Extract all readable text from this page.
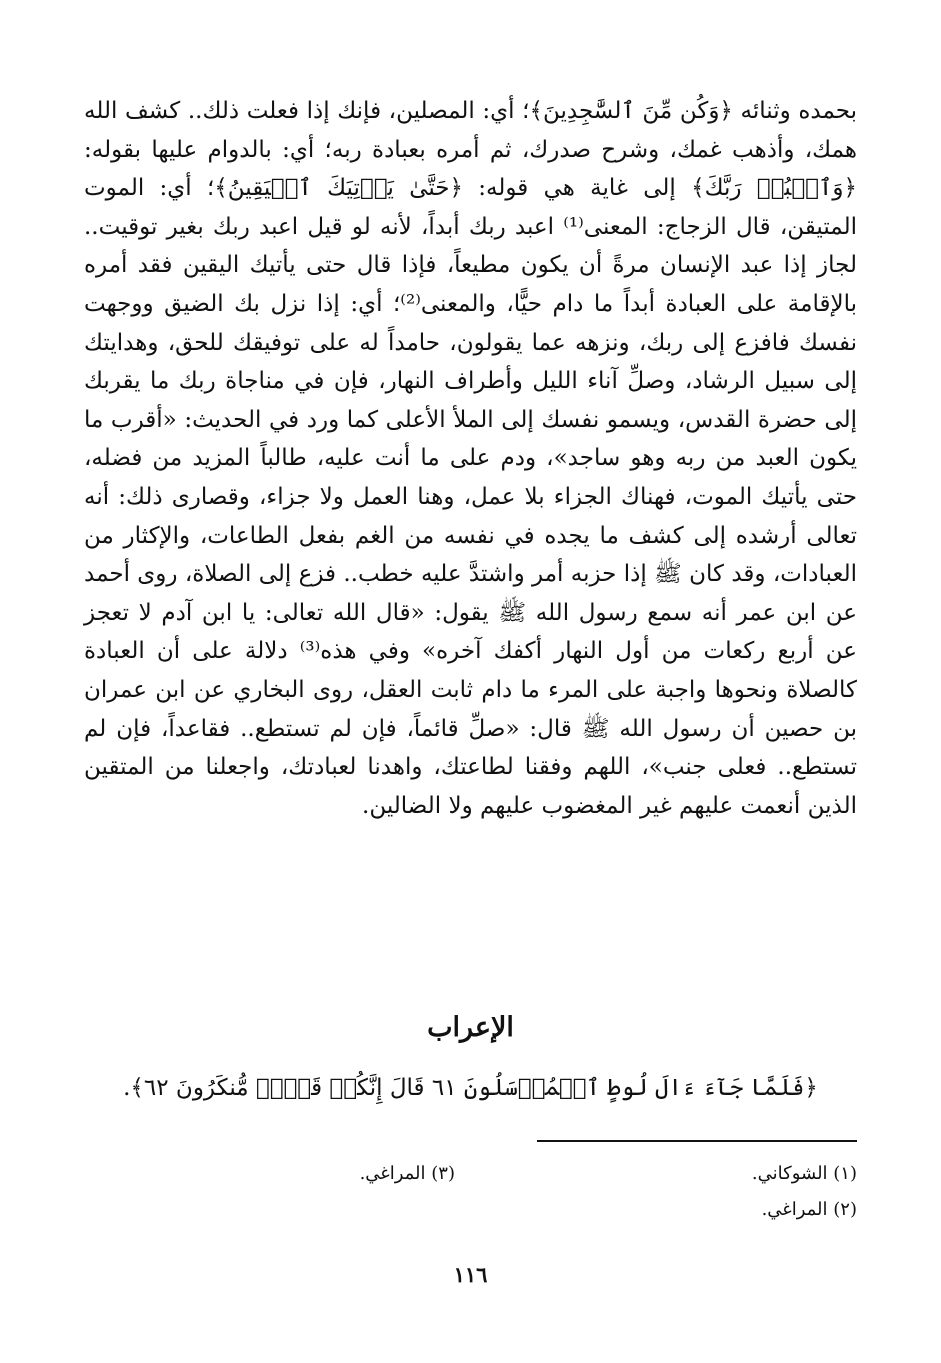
بحمده وثنائه ﴿وَكُن مِّنَ ٱلسَّٰجِدِينَ﴾؛ أي: المصلين، فإنك إذا فعلت ذلك.. كشف الله همك، وأذهب غمك، وشرح صدرك، ثم أمره بعبادة ربه؛ أي: بالدوام عليها بقوله: ﴿وَٱعۡبُدۡ رَبَّكَ﴾ إلى غاية هي قوله: ﴿حَتَّىٰ يَأۡتِيَكَ ٱلۡيَقِينُ﴾؛ أي: الموت المتيقن، قال الزجاج: المعنى⁽¹⁾ اعبد ربك أبداً، لأنه لو قيل اعبد ربك بغير توقيت.. لجاز إذا عبد الإنسان مرةً أن يكون مطيعاً، فإذا قال حتى يأتيك اليقين فقد أمره بالإقامة على العبادة أبداً ما دام حيًّا، والمعنى⁽²⁾؛ أي: إذا نزل بك الضيق ووجهت نفسك فافزع إلى ربك، ونزهه عما يقولون، حامداً له على توفيقك للحق، وهدايتك إلى سبيل الرشاد، وصلِّ آناء الليل وأطراف النهار، فإن في مناجاة ربك ما يقربك إلى حضرة القدس، ويسمو نفسك إلى الملأ الأعلى كما ورد في الحديث: «أقرب ما يكون العبد من ربه وهو ساجد»، ودم على ما أنت عليه، طالباً المزيد من فضله، حتى يأتيك الموت، فهناك الجزاء بلا عمل، وهنا العمل ولا جزاء، وقصارى ذلك: أنه تعالى أرشده إلى كشف ما يجده في نفسه من الغم بفعل الطاعات، والإكثار من العبادات، وقد كان ﷺ إذا حزبه أمر واشتدَّ عليه خطب.. فزع إلى الصلاة، روى أحمد عن ابن عمر أنه سمع رسول الله ﷺ يقول: «قال الله تعالى: يا ابن آدم لا تعجز عن أربع ركعات من أول النهار أكفك آخره» وفي هذه⁽³⁾ دلالة على أن العبادة كالصلاة ونحوها واجبة على المرء ما دام ثابت العقل، روى البخاري عن ابن عمران بن حصين أن رسول الله ﷺ قال: «صلِّ قائماً، فإن لم تستطع.. فقاعداً، فإن لم تستطع.. فعلى جنب»، اللهم وفقنا لطاعتك، واهدنا لعبادتك، واجعلنا من المتقين الذين أنعمت عليهم غير المغضوب عليهم ولا الضالين.

الإعراب
﴿فَلَمَّا جَآءَ ءَالَ لُوطٍ ٱلۡمُرۡسَلُونَ ٦١ قَالَ إِنَّكُمۡ قَوۡمٞ مُّنكَرُونَ ٦٢﴾.
(١) الشوكاني.
(٣) المراغي.
(٢) المراغي.
١١٦
